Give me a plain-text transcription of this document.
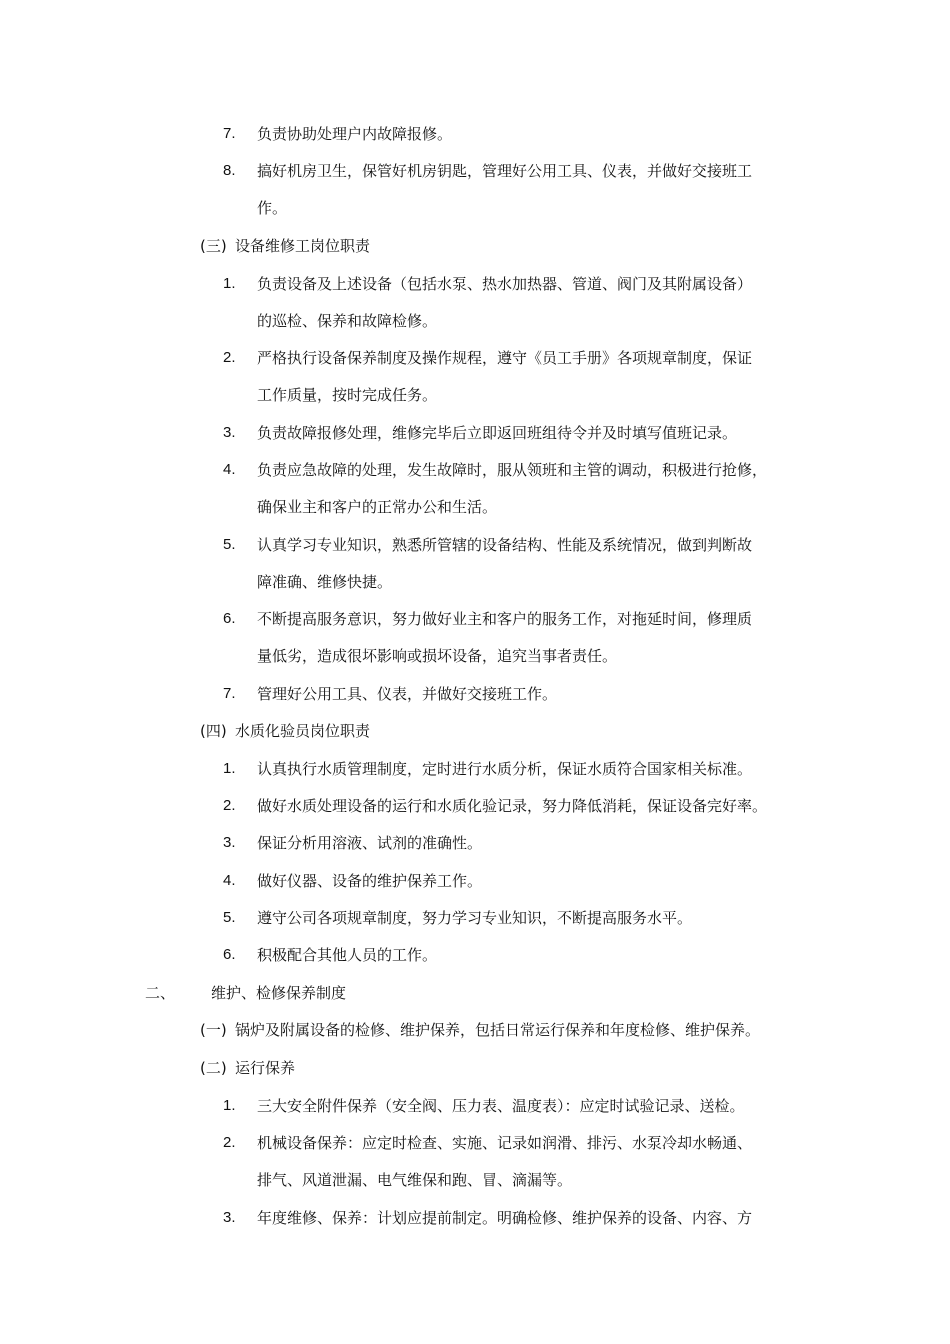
7. 负责协助处理户内故障报修。
8. 搞好机房卫生，保管好机房钥匙，管理好公用工具、仪表，并做好交接班工
作。
(三) 设备维修工岗位职责
1. 负责设备及上述设备（包括水泵、热水加热器、管道、阀门及其附属设备）
的巡检、保养和故障检修。
2. 严格执行设备保养制度及操作规程，遵守《员工手册》各项规章制度，保证
工作质量，按时完成任务。
3. 负责故障报修处理，维修完毕后立即返回班组待令并及时填写值班记录。
4. 负责应急故障的处理，发生故障时，服从领班和主管的调动，积极进行抢修，
确保业主和客户的正常办公和生活。
5. 认真学习专业知识，熟悉所管辖的设备结构、性能及系统情况，做到判断故
障准确、维修快捷。
6. 不断提高服务意识，努力做好业主和客户的服务工作，对拖延时间，修理质
量低劣，造成很坏影响或损坏设备，追究当事者责任。
7. 管理好公用工具、仪表，并做好交接班工作。
(四) 水质化验员岗位职责
1. 认真执行水质管理制度，定时进行水质分析，保证水质符合国家相关标准。
2. 做好水质处理设备的运行和水质化验记录，努力降低消耗，保证设备完好率。
3. 保证分析用溶液、试剂的准确性。
4. 做好仪器、设备的维护保养工作。
5. 遵守公司各项规章制度，努力学习专业知识，不断提高服务水平。
6. 积极配合其他人员的工作。
二、 维护、检修保养制度
(一) 锅炉及附属设备的检修、维护保养，包括日常运行保养和年度检修、维护保养。
(二) 运行保养
1. 三大安全附件保养（安全阀、压力表、温度表）：应定时试验记录、送检。
2. 机械设备保养：应定时检查、实施、记录如润滑、排污、水泵冷却水畅通、
排气、风道泄漏、电气维保和跑、冒、滴漏等。
3. 年度维修、保养：计划应提前制定。明确检修、维护保养的设备、内容、方
